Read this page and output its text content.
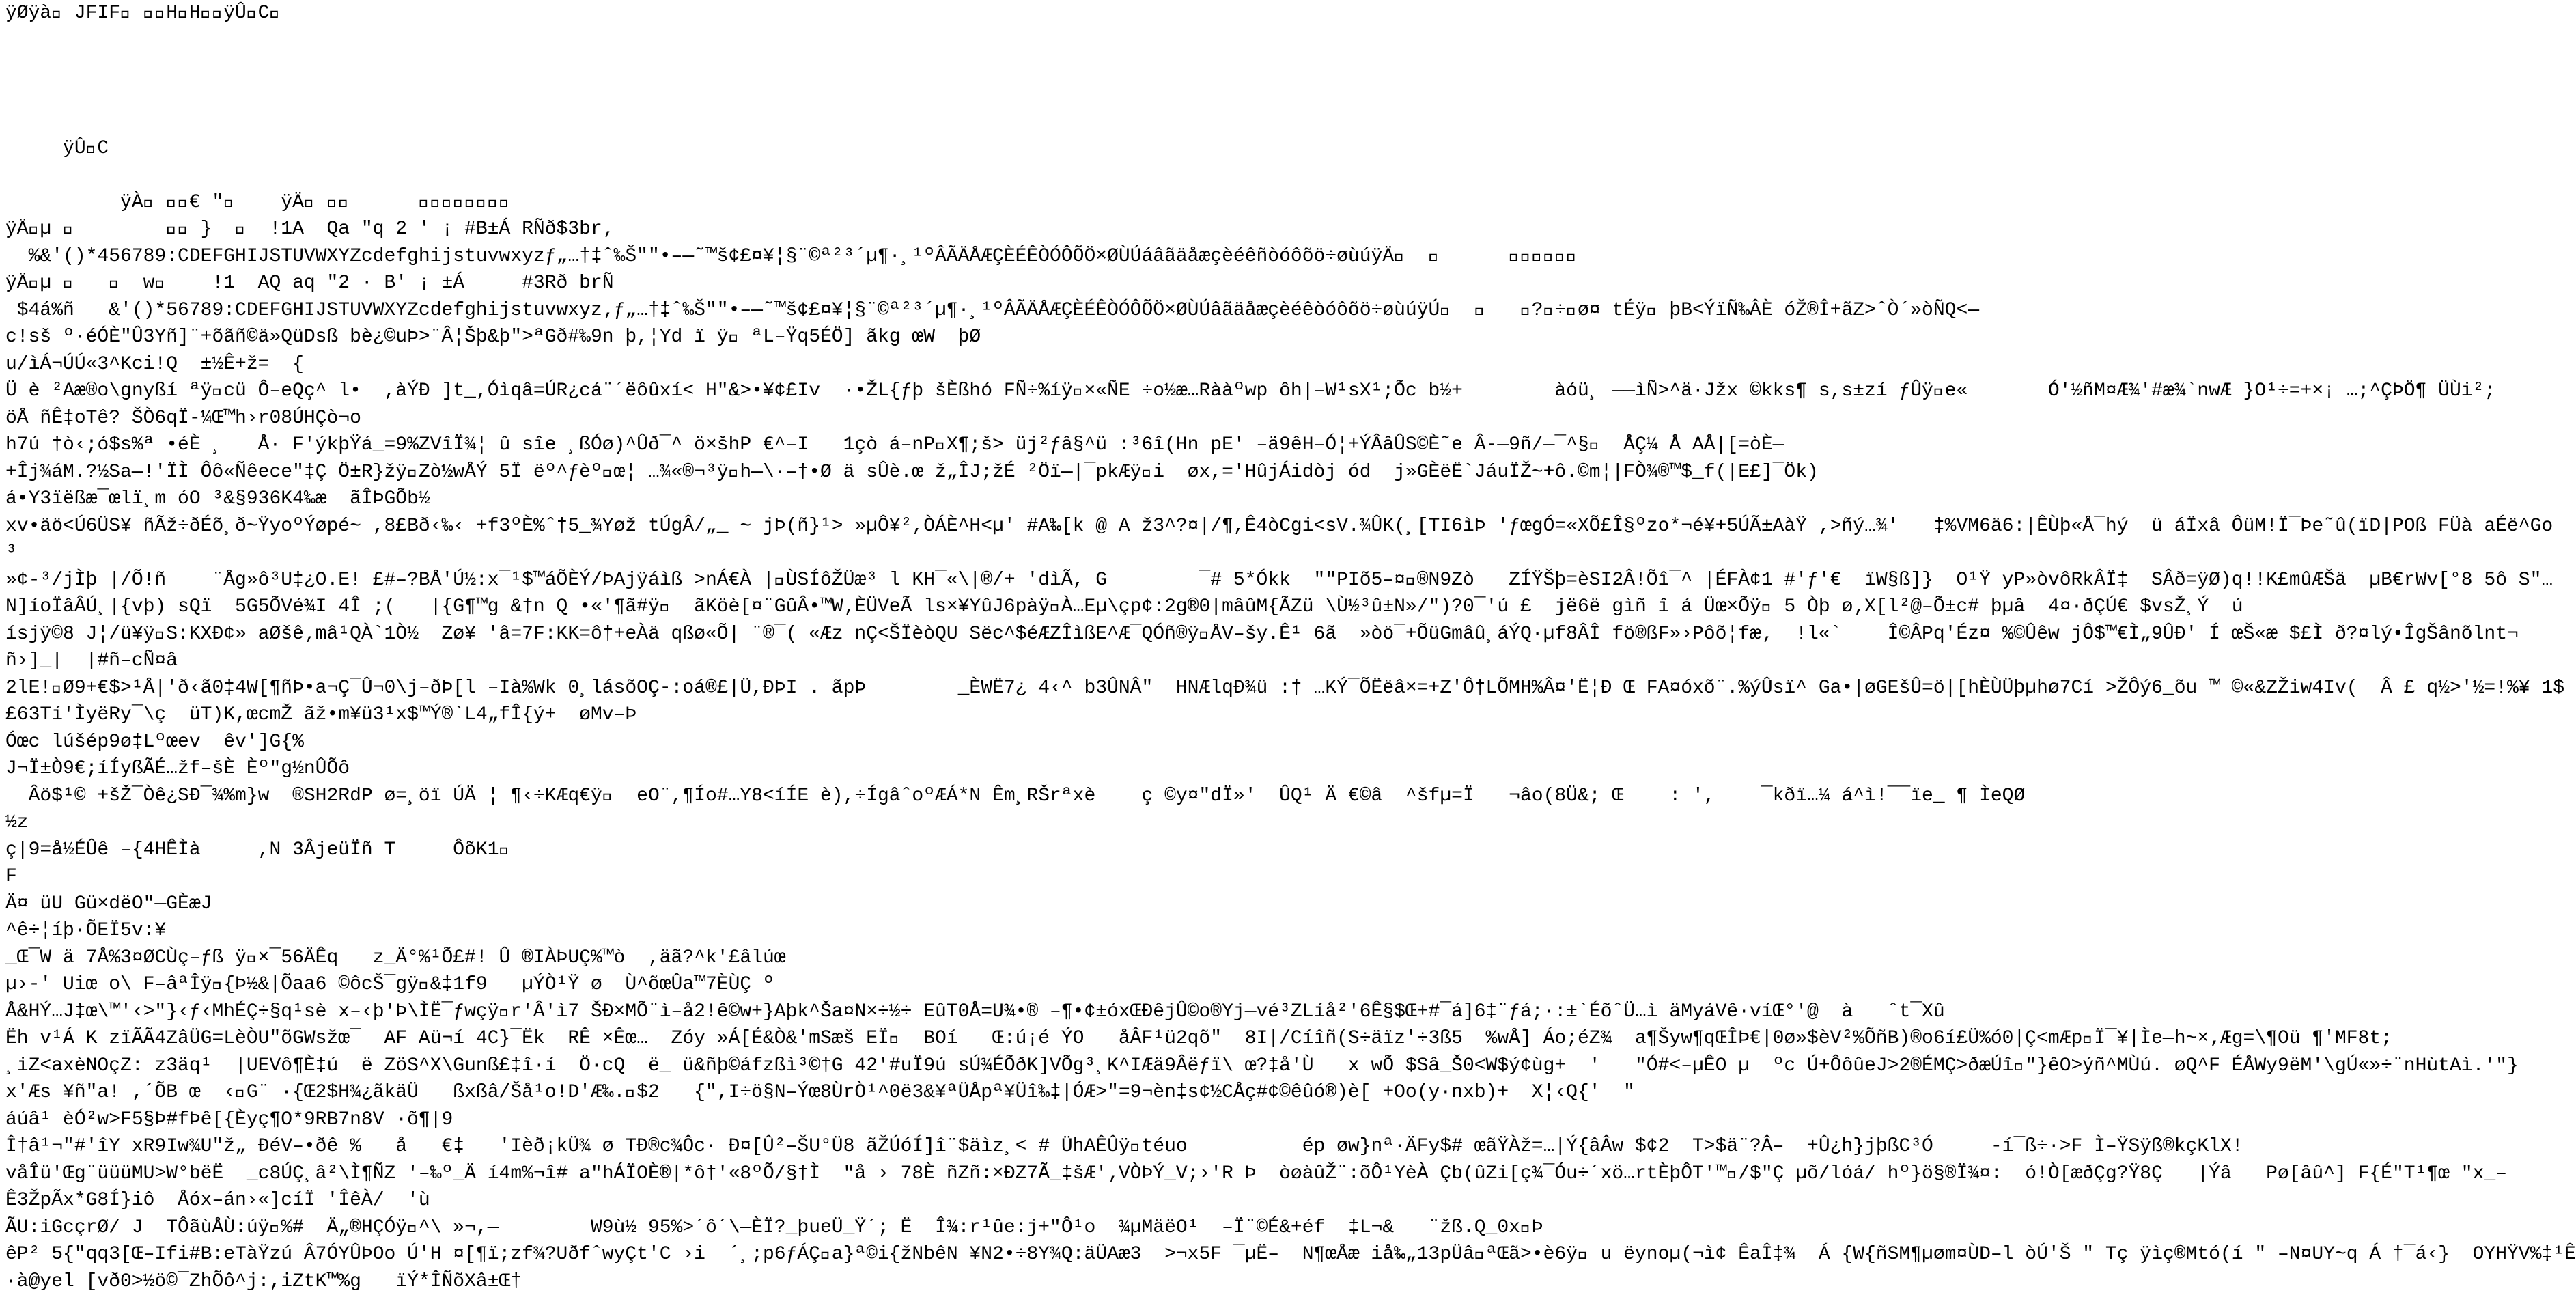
ÿØÿà  JFIF    H H  ÿÛ C 
ÿÛ C
ÿÀ    € "     ÿÄ                  
ÿÄ µ             }     !1A  Qa "q 2 ' ¡ #B±Á RÑð$3br‚
%&'()*456789:CDEFGHIJSTUVWXYZcdefghijstuvwxyzƒ„…†‡ˆ‰Š""•–—˜™š¢£¤¥¦§¨©ª²³´µ¶·¸¹ºÂÃÄÅÆÇÈÉÊÒÓÔÕÖ×ØÙÚáâãäåæçèéêñòóôõö÷øùúÿÄ                
ÿÄ µ        w     !1  AQ aq "2 · B' ¡ ±Á     #3Rð brÑ
$4á%ñ   &'()*56789:CDEFGHIJSTUVWXYZcdefghijstuvwxyz‚ƒ„…†‡ˆ‰Š""•–—˜™š¢£¤¥¦§¨©ª²³´µ¶·¸¹ºÂÃÄÅÆÇÈÉÊÒÓÔÕÖ×ØÙÚâãäåæçèéêòóôõö÷øùúÿÚ        ? ÷ ø¤ tÉÿ  þB<ÝïÑ‰ÂÈ óŽ®Î+ãZ>ˆÒ´»òÑQ<—
c!sš º·éÓÈ"Û3Yñ]¨+õãñ©ä»QüDsß bè¿©uÞ>¨Â¦Šþ&þ">ªGð#‰9n þ,¦Yd ï ÿ  ªL–Ÿq5ÉÖ] ãkg œW  þØ
u/ìÁ¬ÚÚ«3^Kci!Q  ±½Ê+ž=  {
Ü è ²Aæ®o\gnyßí ªÿ cü Ô–eQç^ l•  ,àÝÐ ]t_,Óìqâ=ÚR¿cá¨´ëôûxí< H"&>•¥¢£Iv  ·•ŽL{ƒþ šÈßhó FÑ÷%íÿ ×«ÑE ÷o½æ…Rààºwp ôh|–W¹sX¹;Õc b½+        àóü¸ ——ìÑ>^ä·Jžx ©kks¶ s,s±zí ƒÛÿ e«       Ó'½ñM¤Æ¾'#æ¾`nwÆ }O¹÷=+×¡ …;^ÇÞÖ¶ ÜÙi²;
öÅ ñÊ‡oTê? ŠÒ6qÏ-¼Œ™h›r08ÚHÇò¬o
h7ú †ò‹;ó$s%ª •éÈ ¸   Å· F'ýkþŸá_=9%ZVîÏ¾¦ û sîe ¸ßÓø)^Ûð¯^ ö×šhP €^–I   1çò á–nP X¶;š> üj²ƒâ§^ü :³6î(Hn pE' –ä9êH–Ó¦+ÝÂâÛS©È˜e Â-—9ñ/—¯^§   ÅÇ¼ Å AÅ|[=òÈ—
+Îj¾áM.?½Sa—!'ÏÌ Ôô«Ñêece"‡Ç Ö±R}žÿ Zò½wÅÝ 5Ï ëº^ƒèº œ¦ …¾«®¬³ÿ h—\·–†•Ø ä sÛè.œ ž„ÎJ;žÉ ²Öï—|¯pkÆÿ i  øx,='HûjÁidòj ód  j»GÈëË`JáuÏŽ~+ô.©m¦|FÒ¾®™$_f(|E£]¯Ök)
á•Y3ïëßæ¯œlï¸m óO ³&§936K4‰æ  ãÎÞGÕb½
xv•äö<Ú6ÜS¥ ñÃž÷ðÉõ¸ð~ŸyoºÝøpé~ ,8£Bð‹‰‹ +f3ºÈ%ˆ†5_¾Yøž tÚgÂ/„_ ~ jÞ(ñ}¹> »µÔ¥²,ÒÁÈ^H<µ' #A‰[k @ A ž3^?¤|/¶,Ê4òCgi<sV.¾ÛK(¸[TI6ìÞ 'ƒœgÓ=«XÕ£Î§ºzo*¬é¥+5ÚÃ±AàŸ ,>ñý…¾'   ‡%VM6ä6:|ÊÙþ«Å¯hý  ü áÏxâ ÔüM!Ï¯Þe˜û(ïD|POß FÜà aÉë^Go
³
»¢-³/jÌþ |/Õ!ñ    ¨Åg»ô³U‡¿O.E! £#–?BÅ'Ú½:x¯¹$™áÕÈÝ/ÞAjÿáìß >nÁ€À | ÙSÍôŽÜæ³ l KH¯«\|®/+ 'dìÃ, G        ¯# 5*Ókk  ""PIõ5–¤ ®N9Zò   ZÍŸŠþ=èSI2Â!Õî¯^ |ÉFÀ¢1 #'ƒ'€  ïW§ß]}  O¹Ÿ yP»òvôRkÂÏ‡  SÂð=ÿØ)q!!K£mûÆŠä  µB€rWv[°8 5ô S"…
N]íoÏâÂÚ¸|{vþ) sQï  5G5ÕVé¾I 4Î ;(   |{G¶™g &†n Q •«'¶ã#ÿ   ãKöè[¤¨GûÂ•™W‚ÈÜVeÃ ls×¥YûJ6pàÿ À…Eµ\çp¢:2g®0|mâûM{ÃZü \Ù½³û±N»/")?0¯'ú £  jë6ë gìñ î á Üœ×Õÿ  5 Òþ ø‚X[l²@–Õ±c# þµâ  4¤·ðÇÚ€ $vsŽ¸Ý  ú
ísjÿ©8 J¦/ü¥ÿ S:KXÐ¢» aØšê‚mâ¹QÀ`1Ò½  Zø¥ 'â=7F:KK=ô†+eÀä qßø«Õ| ¨®¯( «Æz nÇ<ŠÏèòQU Sëc^$éÆZÎìßE^Æ¯QÓñ®ÿ ÅV–šy.Ê¹ 6ã  »òö¯+ÕüGmâû¸áÝQ·µf8ÂÎ fö®ßF»›Pôõ¦fæ‚  !l«`    Î©ÂPq'Éz¤ %©Ûêw jÔ$™€Ì„9ÛÐ' Í œŠ«æ $£Ì ð?¤lý•ÎgŠânõlnt¬
ñ›]_|  |#ñ–cÑ¤â
2lE! Ø9+€$>¹Å|'ð‹ã0‡4W[¶ñÞ•a¬Ç¯Û¬0\j–ðÞ[l –Ià%Wk 0¸lásõOÇ-:oá®£|Ü,ÐÞI . ãpÞ        _ÈWË7¿ 4‹^ b3ÛNÂ"  HNÆlqÐ¾ü :† …KÝ¯ÕËëâ×=+Z'Ô†LÕMH%Â¤'Ë¦Ð Œ FA¤óxõ¨.%ýÛsï^ Ga•|øGEšÛ=ö|[hÈÙÜþµhø7Cí >ŽÔý6_õu ™ ©«&ZŽiw4Iv(  Â £ q½>'½=!%¥ 1$
£63Tí'ÌyëRy¯\ç  üT)K,œcmŽ ãž•m¥ü3¹x$™Ý®`L4„fÎ{ý+  øMv–Þ
Óœc lúšép9ø‡Lºœev  êv']G{%
J¬Ï±Ò9€;íÍyßÃÉ…žf–šÈ Èº"g½nÛÕô
Âö$¹© +šŽ¯Òê¿SÐ¯¾%m}w  ®SH2RdP ø=¸öï ÚÄ ¦ ¶‹÷KÆq€ÿ   eO¨,¶Ío#…Y8<íÍE è),÷ÍgâˆoºÆÁ*N Êm¸RŠrªxè    ç ©y¤"dÏ»'  ÛQ¹ Ä €©â  ^šfµ=Ï   ¬âo(8Ü&; Œ    : ',    ¯kðï…¼ á^ì!¯¯ïe_ ¶ ÌeQØ
½z
ç|9=å½ÉÛê –{4HÊÌà     ,N 3ÂjeüÏñ T     ÔõK1 
F
Ä¤ üU Gü×dëO"—GÈæJ
^ê÷¦íþ·ÕEÏ5v:¥
_Œ¯W ä 7Å%3¤ØCÙç–ƒß ÿ ×¯56ÄÊq   z_Ä°%¹Õ£#! Û ®IÀÞUÇ%™ò  ,äã?^k'£âlúœ
µ›-' Uiœ o\ F–âªÎÿ {Þ½&|Õaa6 ©ôcŠ¯gÿ &‡1f9   µÝÒ¹Ÿ ø  Ù^õœÛa™7ÈÙÇ º
Å&HÝ…J‡œ\™'‹>"}‹ƒ‹MhÉÇ÷§q¹sè x–‹þ'Þ\ÌË¯ƒwçÿ r'Â'ì7 ŠÐ×MÕ¨ì–å2!ê©w+}Aþk^Ša¤N×÷½÷ EûT0Å=U¾•® –¶•¢±óxŒÐêjÛ©o®Yj—vé³ZLíå²'6Ê§$Œ+#¯á]6‡¨ƒá;·:±`ÉõˆÜ…ì äMyáVê·víŒ°'@  à   ˆt¯Xû
Ëh v¹Á K zïÃÃ4ZâÜG=LèÒU"õGWsžœ¯  AF Aü¬í 4C}¯Ëk  RÊ ×Êœ…  Zóy »Á[É&Ò&'mSæš EÏ   BOí   Œ:ú¡é ÝO   åÂF¹ü2qõ"  8I|/Cíîñ(S÷äïz'÷3ß5  %wÅ] Áo;éZ¾  a¶Šyw¶qŒÎÞ€|0ø»$èV²%ÕñB)®o6í£Ü%ó0|Ç<mÆp Ï¯¥|Ìe—h~×‚Æg=\¶Oü ¶'MF8t;
¸iZ<axèNOçZ: z3äq¹  |UEVô¶È‡ú  ë ZöS^X\Gunß£‡î·í  Ö·cQ  ë_ ü&ñþ©áfzßì³©†G 42'#uÏ9ú sÚ¾ÉÕðK]VÕg³¸K^IÆä9Âëƒï\ œ?‡å'Ù   x wÕ $Sâ_Š0<W$ý¢ùg+  '   "Ó#<–µÊO µ  ºc Ú+ÔôûeJ>2®ÉMÇ>ðæÚî "}êO>ýñ^MÙú. øQ^F ÉÅWy9ëM'\gÚ«»÷¨nHùtAì.'"}
x'Æs ¥ñ"a! ,´ÕB œ  ‹ G¨ ·{Œ2$H¾¿ãkäÜ   ßxßâ/Šå¹o!D'Æ‰. $2   {",I÷ö§N–Ýœ8ÙrÒ¹^0ë3&¥ªÜÅpª¥Üî‰‡|ÓÆ>"=9¬èn‡s¢½CÅç#¢©êûó®)è[ +Oo(y·nxb)+  X¦‹Q{'  "
áúâ¹ èÓ²w>F5§Þ#fÞê[{Èyç¶O*9RB7n8V ·õ¶|9
Î†â¹¬"#'îY xR9Iw¾U"ž„ ÐéV–•ðê %   å   €‡   'Ièð¡kÜ¾ ø TÐ®c¾Ôc· Ð¤[Û²–ŠU°Ü8 ãŽÚóÍ]î¨$äìz¸< # ÜhAÊÛÿ téuo          ép øw}nª·ÄFy$# œãŸÀž=…|Ý{âÂw $¢2  T>$ä¨?Â–  +Û¿h}jþßC³Ó     -í¯ß÷·>F Ì–ŸSÿß®kçKlX!
våÎü'Œg¨üüüMU>W°bëË  _c8ÚÇ¸â²\Ì¶ÑZ '–‰º_Ä í4m%¬î# a"hÁÏOÈ®|*ô†'«8ºÕ/§†Ì  "å › 78È ñZñ:×ÐZ7Ã_‡šÆ'‚VÒÞÝ_V;›'R Þ  òøàûŽ¨:õÔ¹YèÀ Çb(ûZi[ç¾¯Óu÷´xö…rtÈþÔT'™ /$"Ç µõ/lóá/ hº}ö§®Ï¾¤:  ó!Ò[æðÇg?Ÿ8Ç   |Ýâ   Pø[âû^] F{É"T¹¶œ "x_–
Ê3ŽpÃx*G8Í}iô  Åóx–án›«]cíÏ 'ÎêÀ/  'ù
ÃU:iGcçrØ/ J  TÔãùÅÙ:úÿ %#  Ä„®HÇÓÿ ^\ »¬,—        W9ù½ 95%>´ô´\—ÈÏ?_þueÜ_Ÿ´; Ë  Î¾:r¹ûe:j+"Ô¹o  ¾µMäëO¹  –Ï¨©É&+éf  ‡L¬&   ¨žß.Q_0x Þ
êP² 5{"qq3[Œ–Ifi#B:eTàŸzú Â7ÓYÛÞOo Ú'H ¤[¶ï;zf¾?UðfˆwyÇt'C ›i  ´¸;p6ƒÁÇ a}ª©i{žNbêN ¥N2•÷8Y¾Q:äÜAæ3  >¬x5F ¯µË–  N¶œÅæ iå‰„13pÜâ ªŒã>•è6ÿ  u ëynoµ(¬ì¢ ÊaÎ‡¾  Á {W{ñSM¶µøm¤ÙD–l òÚ'Š " Tç ÿìç®Mtó(í " –N¤UY~q Á †¯á‹}  OYHŸV%‡¹Ê
·à@yel [vð0>½ö©¯ZhÕô^j:,iZtK™%g   ïÝ*ÎÑõXâ±Œ†
